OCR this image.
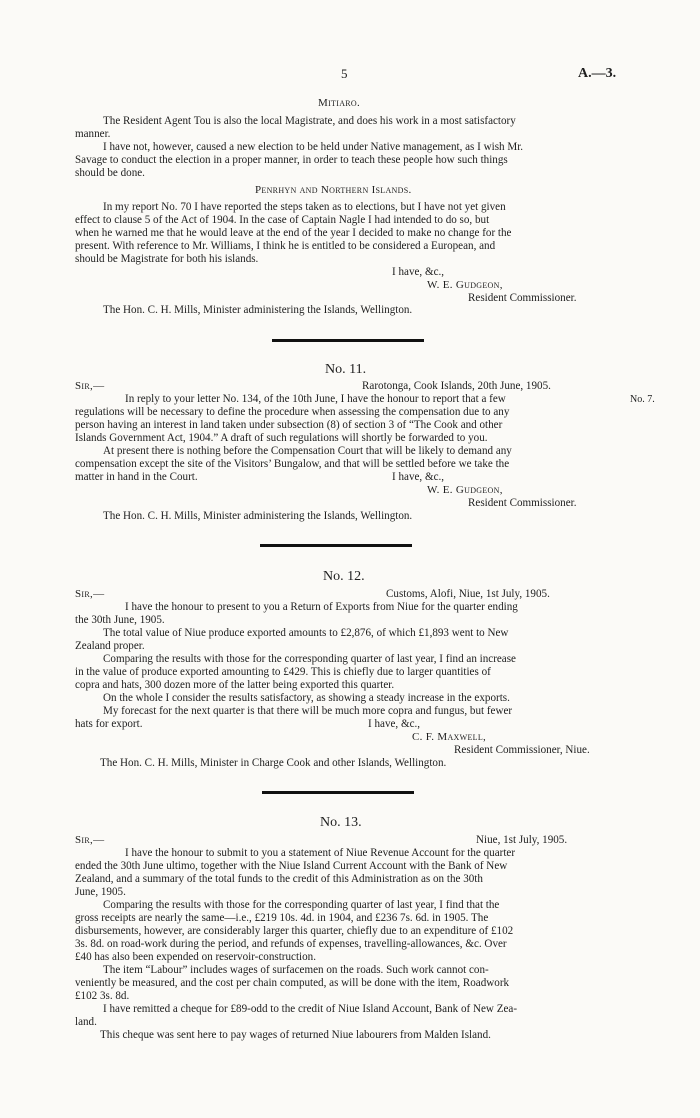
5	A.—3.
Mitiaro.
The Resident Agent Tou is also the local Magistrate, and does his work in a most satisfactory
manner.
I have not, however, caused a new election to be held under Native management, as I wish Mr.
Savage to conduct the election in a proper manner, in order to teach these people how such things
should be done.
Penrhyn and Northern Islands.
In my report No. 70 I have reported the steps taken as to elections, but I have not yet given
effect to clause 5 of the Act of 1904. In the case of Captain Nagle I had intended to do so, but
when he warned me that he would leave at the end of the year I decided to make no change for the
present. With reference to Mr. Williams, I think he is entitled to be considered a European, and
should be Magistrate for both his islands.
I have, &c.,
W. E. Gudgeon,
Resident Commissioner.
The Hon. C. H. Mills, Minister administering the Islands, Wellington.
No. 11.
Sir,—	Rarotonga, Cook Islands, 20th June, 1905.
In reply to your letter No. 134, of the 10th June, I have the honour to report that a few	No. 7.
regulations will be necessary to define the procedure when assessing the compensation due to any
person having an interest in land taken under subsection (8) of section 3 of “The Cook and other
Islands Government Act, 1904.” A draft of such regulations will shortly be forwarded to you.
At present there is nothing before the Compensation Court that will be likely to demand any
compensation except the site of the Visitors’ Bungalow, and that will be settled before we take the
matter in hand in the Court.	I have, &c.,
W. E. Gudgeon,
Resident Commissioner.
The Hon. C. H. Mills, Minister administering the Islands, Wellington.
No. 12.
Sir,—	Customs, Alofi, Niue, 1st July, 1905.
I have the honour to present to you a Return of Exports from Niue for the quarter ending
the 30th June, 1905.
The total value of Niue produce exported amounts to £2,876, of which £1,893 went to New
Zealand proper.
Comparing the results with those for the corresponding quarter of last year, I find an increase
in the value of produce exported amounting to £429. This is chiefly due to larger quantities of
copra and hats, 300 dozen more of the latter being exported this quarter.
On the whole I consider the results satisfactory, as showing a steady increase in the exports.
My forecast for the next quarter is that there will be much more copra and fungus, but fewer
hats for export.	I have, &c.,
C. F. Maxwell,
Resident Commissioner, Niue.
The Hon. C. H. Mills, Minister in Charge Cook and other Islands, Wellington.
No. 13.
Sir,—	Niue, 1st July, 1905.
I have the honour to submit to you a statement of Niue Revenue Account for the quarter
ended the 30th June ultimo, together with the Niue Island Current Account with the Bank of New
Zealand, and a summary of the total funds to the credit of this Administration as on the 30th
June, 1905.
Comparing the results with those for the corresponding quarter of last year, I find that the
gross receipts are nearly the same—i.e., £219 10s. 4d. in 1904, and £236 7s. 6d. in 1905. The
disbursements, however, are considerably larger this quarter, chiefly due to an expenditure of £102
3s. 8d. on road-work during the period, and refunds of expenses, travelling-allowances, &c. Over
£40 has also been expended on reservoir-construction.
The item “Labour” includes wages of surfacemen on the roads. Such work cannot con-
veniently be measured, and the cost per chain computed, as will be done with the item, Roadwork
£102 3s. 8d.
I have remitted a cheque for £89-odd to the credit of Niue Island Account, Bank of New Zea-
land.
This cheque was sent here to pay wages of returned Niue labourers from Malden Island.
